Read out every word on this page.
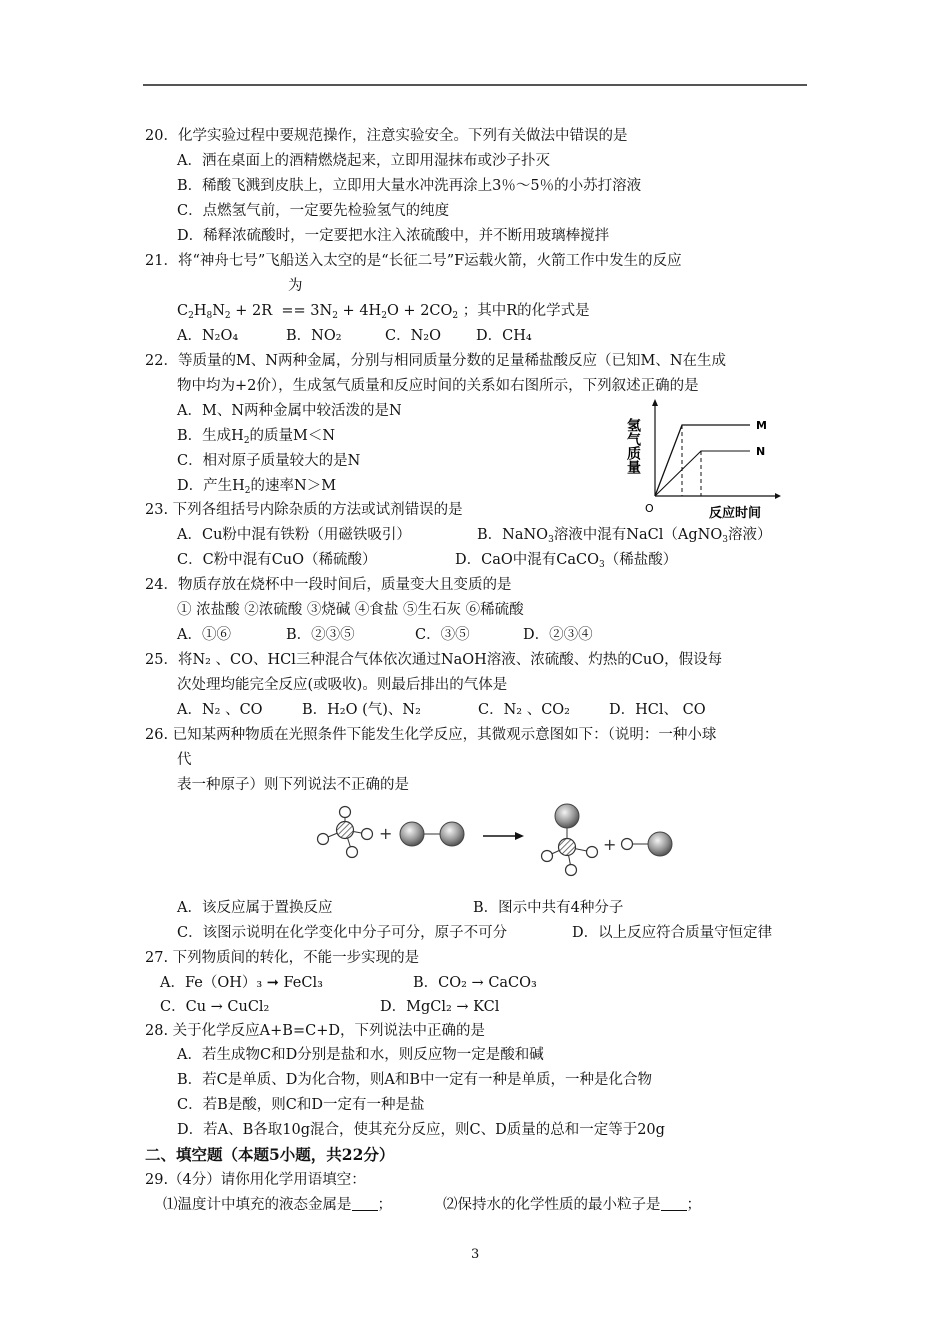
20．化学实验过程中要规范操作，注意实验安全。下列有关做法中错误的是
A．洒在桌面上的酒精燃烧起来，立即用湿抹布或沙子扑灭
B．稀酸飞溅到皮肤上，立即用大量水冲洗再涂上3％～5％的小苏打溶液
C．点燃氢气前，一定要先检验氢气的纯度
D．稀释浓硫酸时，一定要把水注入浓硫酸中，并不断用玻璃棒搅拌
21．将“神舟七号”飞船送入太空的是“长征二号”F运载火箭，火箭工作中发生的反应
为
$C_2H_8N_2 + 2R == 3N_2 + 4H_2O + 2CO_2$ ；其中R的化学式是
A．N₂O₄	B．NO₂	C．N₂O D．CH₄
22．等质量的M、N两种金属，分别与相同质量分数的足量稀盐酸反应（已知M、N在生成
物中均为+2价），生成氢气质量和反应时间的关系如右图所示，下列叙述正确的是
A．M、N两种金属中较活泼的是N
B．生成$H_2$的质量M＜N
C．相对原子质量较大的是N
D．产生$H_2$的速率N＞M
M
N
O	反应时间
氢气质量
23. 下列各组括号内除杂质的方法或试剂错误的是
A．Cu粉中混有铁粉（用磁铁吸引）	B．NaNO$_3$溶液中混有NaCl（AgNO$_3$溶液）
C．C粉中混有CuO（稀硫酸）	D．CaO中混有CaCO$_3$（稀盐酸）
24．物质存放在烧杯中一段时间后，质量变大且变质的是
① 浓盐酸 ②浓硫酸 ③烧碱 ④食盐 ⑤生石灰 ⑥稀硫酸
A．①⑥	B．②③⑤	C．③⑤	D．②③④
25．将N₂ 、CO、HCl三种混合气体依次通过NaOH溶液、浓硫酸、灼热的CuO，假设每
次处理均能完全反应(或吸收)。则最后排出的气体是
A．N₂ 、CO	B．H₂O (气)、N₂	C．N₂ 、CO₂	D．HCl、 CO
26. 已知某两种物质在光照条件下能发生化学反应，其微观示意图如下：（说明：一种小球
代
表一种原子）则下列说法不正确的是
+
+
A．该反应属于置换反应	B．图示中共有4种分子
C．该图示说明在化学变化中分子可分，原子不可分	D．以上反应符合质量守恒定律
27. 下列物质间的转化，不能一步实现的是
A．Fe（OH）₃ ➞ FeCl₃	B．CO₂ → CaCO₃
C．Cu → CuCl₂	D．MgCl₂ → KCl
28. 关于化学反应A+B=C+D，下列说法中正确的是
A．若生成物C和D分别是盐和水，则反应物一定是酸和碱
B．若C是单质、D为化合物，则A和B中一定有一种是单质，一种是化合物
C．若B是酸，则C和D一定有一种是盐
D．若A、B各取10g混合，使其充分反应，则C、D质量的总和一定等于20g
二、填空题（本题5小题，共22分）
29.（4分）请你用化学用语填空：
⑴温度计中填充的液态金属是 ；	⑵保持水的化学性质的最小粒子是 ；
3
